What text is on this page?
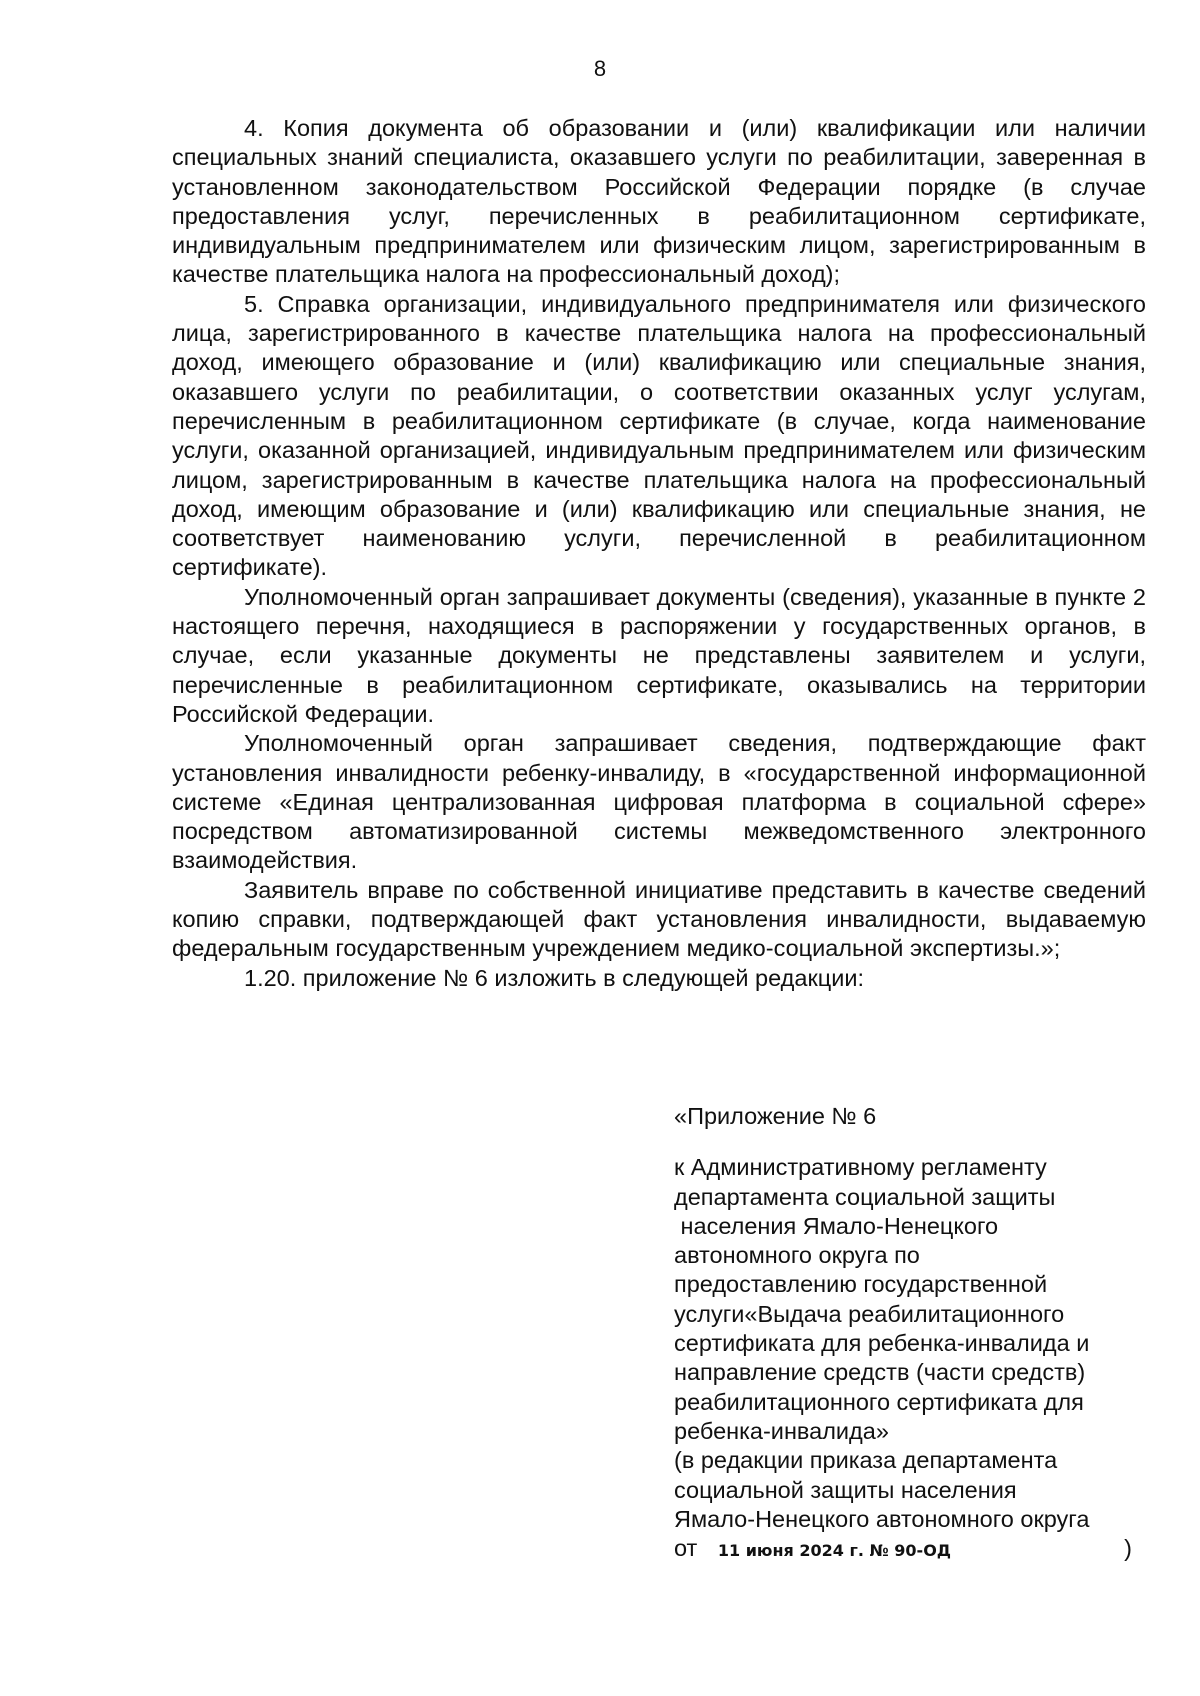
8

4. Копия документа об образовании и (или) квалификации или наличии специальных знаний специалиста, оказавшего услуги по реабилитации, заверенная в установленном законодательством Российской Федерации порядке (в случае предоставления услуг, перечисленных в реабилитационном сертификате, индивидуальным предпринимателем или физическим лицом, зарегистрированным в качестве плательщика налога на профессиональный доход);

5. Справка организации, индивидуального предпринимателя или физического лица, зарегистрированного в качестве плательщика налога на профессиональный доход, имеющего образование и (или) квалификацию или специальные знания, оказавшего услуги по реабилитации, о соответствии оказанных услуг услугам, перечисленным в реабилитационном сертификате (в случае, когда наименование услуги, оказанной организацией, индивидуальным предпринимателем или физическим лицом, зарегистрированным в качестве плательщика налога на профессиональный доход, имеющим образование и (или) квалификацию или специальные знания, не соответствует наименованию услуги, перечисленной в реабилитационном сертификате).

Уполномоченный орган запрашивает документы (сведения), указанные в пункте 2 настоящего перечня, находящиеся в распоряжении у государственных органов, в случае, если указанные документы не представлены заявителем и услуги, перечисленные в реабилитационном сертификате, оказывались на территории Российской Федерации.

Уполномоченный орган запрашивает сведения, подтверждающие факт установления инвалидности ребенку-инвалиду, в «государственной информационной системе «Единая централизованная цифровая платформа в социальной сфере» посредством автоматизированной системы межведомственного электронного взаимодействия.

Заявитель вправе по собственной инициативе представить в качестве сведений копию справки, подтверждающей факт установления инвалидности, выдаваемую федеральным государственным учреждением медико-социальной экспертизы.»;

1.20. приложение № 6 изложить в следующей редакции:

«Приложение № 6

к Административному регламенту

департамента социальной защиты

населения Ямало-Ненецкого

автономного округа по

предоставлению государственной

услуги«Выдача реабилитационного

сертификата для ребенка-инвалида и

направление средств (части средств)

реабилитационного сертификата для

ребенка-инвалида»

(в редакции приказа департамента

социальной защиты населения

Ямало-Ненецкого автономного округа

от 11 июня 2024 г. № 90-ОД	)
